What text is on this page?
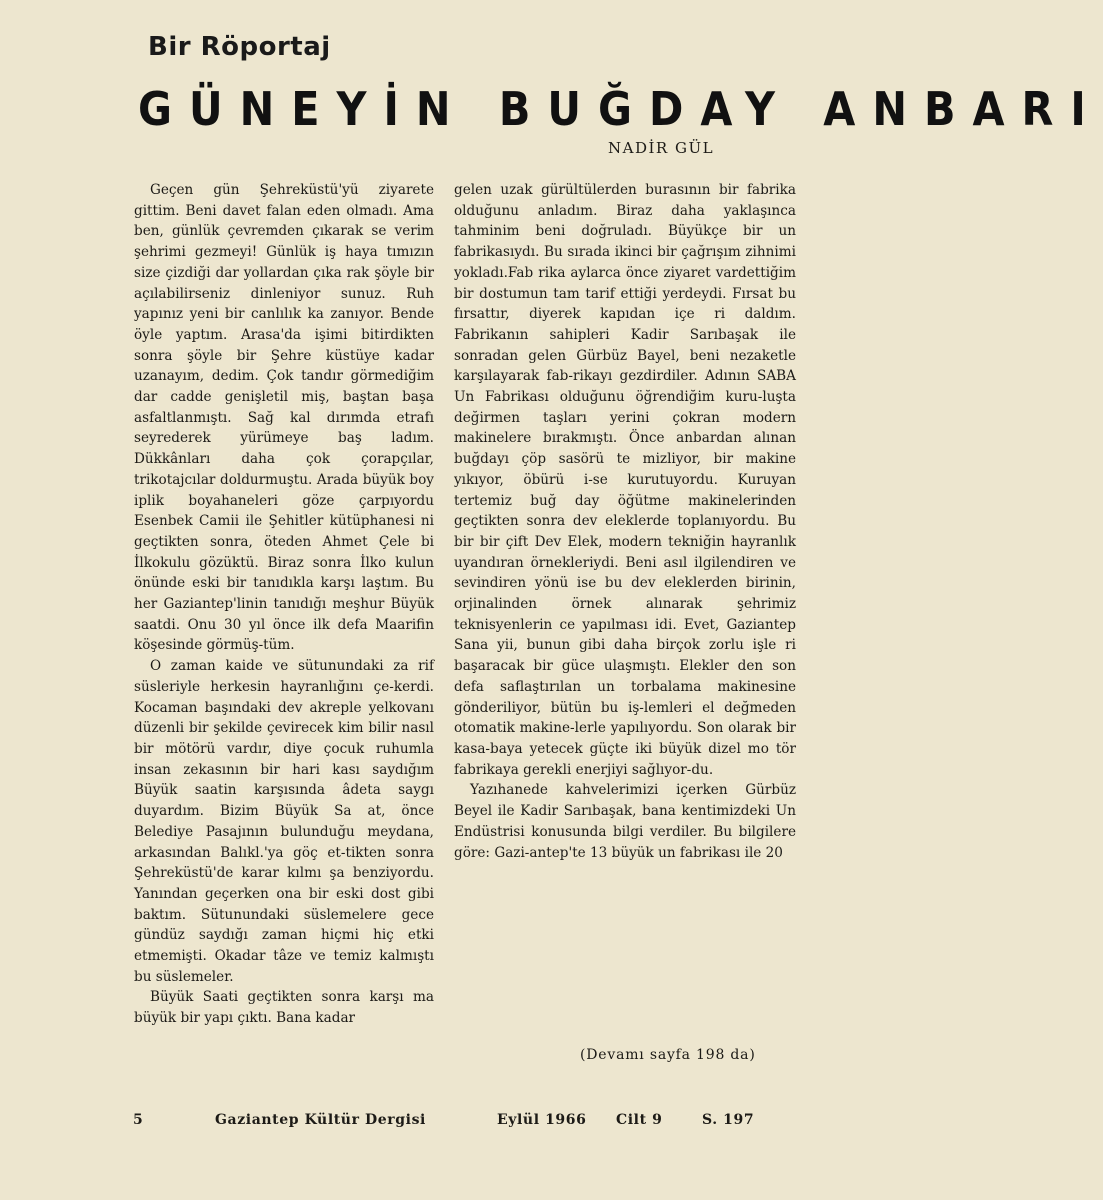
Bir Röportaj
GÜNEYİN BUĞDAY ANBARI
NADİR GÜL

Geçen gün Şehreküstü'yü ziyarete gittim. Beni davet falan eden olmadı. Ama ben, günlük çevremden çıkarak se verim şehrimi gezmeyi! Günlük iş haya tımızın size çizdiği dar yollardan çıka rak şöyle bir açılabilirseniz dinleniyor sunuz. Ruh yapınız yeni bir canlılık ka zanıyor. Bende öyle yaptım. Arasa'da işimi bitirdikten sonra şöyle bir Şehre küstüye kadar uzanayım, dedim. Çok tandır görmediğim dar cadde genişletil miş, baştan başa asfaltlanmıştı. Sağ kal dırımda etrafı seyrederek yürümeye baş ladım. Dükkânları daha çok çorapçılar, trikotajcılar doldurmuştu. Arada büyük boy iplik boyahaneleri göze çarpıyordu Esenbek Camii ile Şehitler kütüphanesi ni geçtikten sonra, öteden Ahmet Çele bi İlkokulu gözüktü. Biraz sonra İlko kulun önünde eski bir tanıdıkla karşı laştım. Bu her Gaziantep'linin tanıdığı meşhur Büyük saatdi. Onu 30 yıl önce ilk defa Maarifin köşesinde görmüş-tüm.

O zaman kaide ve sütunundaki za rif süsleriyle herkesin hayranlığını çe-kerdi. Kocaman başındaki dev akreple yelkovanı düzenli bir şekilde çevirecek kim bilir nasıl bir mötörü vardır, diye çocuk ruhumla insan zekasının bir hari kası saydığım Büyük saatin karşısında âdeta saygı duyardım. Bizim Büyük Sa at, önce Belediye Pasajının bulunduğu meydana, arkasından Balıkl.'ya göç et-tikten sonra Şehreküstü'de karar kılmı şa benziyordu. Yanından geçerken ona bir eski dost gibi baktım. Sütunundaki süslemelere gece gündüz saydığı zaman hiçmi hiç etki etmemişti. Okadar tâze ve temiz kalmıştı bu süslemeler.

Büyük Saati geçtikten sonra karşı ma büyük bir yapı çıktı. Bana kadar

gelen uzak gürültülerden burasının bir fabrika olduğunu anladım. Biraz daha yaklaşınca tahminim beni doğruladı. Büyükçe bir un fabrikasıydı. Bu sırada ikinci bir çağrışım zihnimi yokladı.Fab rika aylarca önce ziyaret vardettiğim bir dostumun tam tarif ettiği yerdeydi. Fırsat bu fırsattır, diyerek kapıdan içe ri daldım. Fabrikanın sahipleri Kadir Sarıbaşak ile sonradan gelen Gürbüz Bayel, beni nezaketle karşılayarak fab-rikayı gezdirdiler. Adının SABA Un Fabrikası olduğunu öğrendiğim kuru-luşta değirmen taşları yerini çokran modern makinelere bırakmıştı. Önce anbardan alınan buğdayı çöp sasörü te mizliyor, bir makine yıkıyor, öbürü i-se kurutuyordu. Kuruyan tertemiz buğ day öğütme makinelerinden geçtikten sonra dev eleklerde toplanıyordu. Bu bir bir çift Dev Elek, modern tekniğin hayranlık uyandıran örnekleriydi. Beni asıl ilgilendiren ve sevindiren yönü ise bu dev eleklerden birinin, orjinalinden örnek alınarak şehrimiz teknisyenlerin ce yapılması idi. Evet, Gaziantep Sana yii, bunun gibi daha birçok zorlu işle ri başaracak bir güce ulaşmıştı. Elekler den son defa saflaştırılan un torbalama makinesine gönderiliyor, bütün bu iş-lemleri el değmeden otomatik makine-lerle yapılıyordu. Son olarak bir kasa-baya yetecek güçte iki büyük dizel mo tör fabrikaya gerekli enerjiyi sağlıyor-du.

Yazıhanede kahvelerimizi içerken Gürbüz Beyel ile Kadir Sarıbaşak, bana kentimizdeki Un Endüstrisi konusunda bilgi verdiler. Bu bilgilere göre: Gazi-antep'te 13 büyük un fabrikası ile 20

(Devamı sayfa 198 da)
5	Gaziantep Kültür Dergisi	Eylül 1966 Cilt 9	S. 197
